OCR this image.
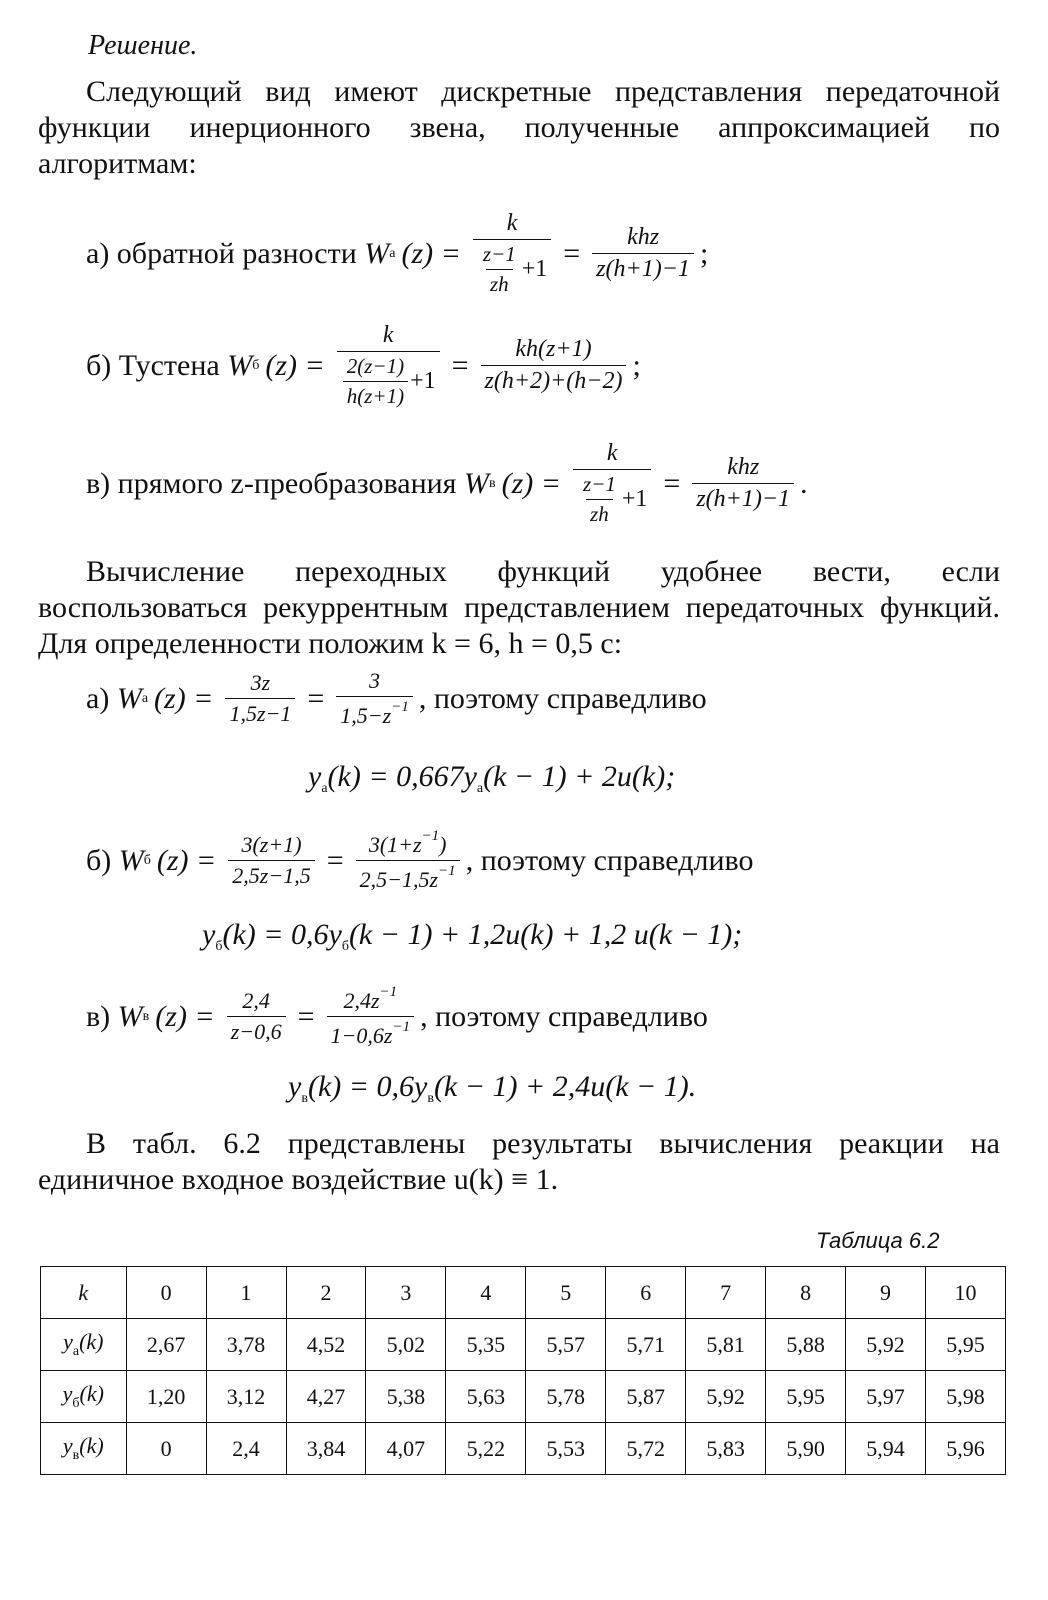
Решение.
Следующий вид имеют дискретные представления передаточной функции инерционного звена, полученные аппроксимацией по алгоритмам:
а) обратной разности
W а $(z) = \frac{k}{\frac{z-1}{zh} +1} = \frac{\text{khz}}{z(h+1)-1}$ ;
б) Тустена
W б $(z) = \frac{k}{\frac{2(z-1)}{h(z+1)} +1} = \frac{kh(z+1)}{z(h+2)+(h-2)}$ ;
в) прямого z-преобразования
W в $(z) = \frac{k}{\frac{z-1}{zh} +1} = \frac{\text{khz}}{z(h+1)-1}$ .
Вычисление переходных функций удобнее вести, если воспользоваться рекуррентным представлением передаточных функций. Для определенности положим k = 6, h = 0,5 с:
а)
W а $(z) = \frac{3z}{1,5z-1} = \frac{3}{1,5-z^{-1}}$ , поэтому справедливо
$y_а(k) = 0,667y_а(k - 1) + 2u(k)$;
б)
W б $(z) = \frac{3(z+1)}{2,5z-1,5} = \frac{3(1+z^{-1})}{2,5-1,5z^{-1}}$ , поэтому справедливо
$y_б(k) = 0,6y_б(k - 1) + 1,2u(k) + 1,2$ u(k − 1);
в)
W в $(z) = \frac{2,4}{z-0,6} = \frac{2,4z^{-1}}{1-0,6z^{-1}}$ , поэтому справедливо
$y_в(k) = 0,6y_в(k - 1) + 2,4u(k - 1)$.
В табл. 6.2 представлены результаты вычисления реакции на единичное входное воздействие u(k) ≡ 1.
Таблица 6.2
k	0	1	2	3	4	5	6	7	8	9	10
$y_а(k)$	2,67	3,78	4,52	5,02	5,35	5,57	5,71	5,81	5,88	5,92	5,95
$y_б(k)$	1,20	3,12	4,27	5,38	5,63	5,78	5,87	5,92	5,95	5,97	5,98
$y_в(k)$	0	2,4	3,84	4,07	5,22	5,53	5,72	5,83	5,90	5,94	5,96
